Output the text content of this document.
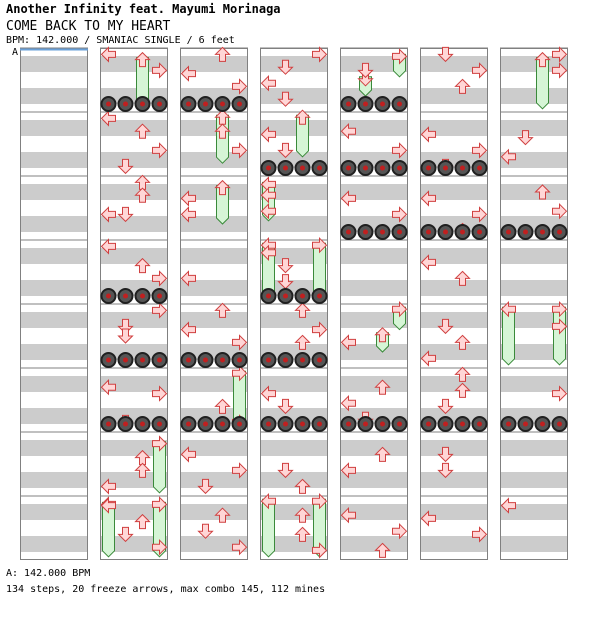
Another Infinity feat. Mayumi Morinaga
COME BACK TO MY HEART
BPM: 142.000 / SMANIAC SINGLE / 6 feet
A
A: 142.000 BPM
134 steps, 20 freeze arrows, max combo 145, 112 mines
